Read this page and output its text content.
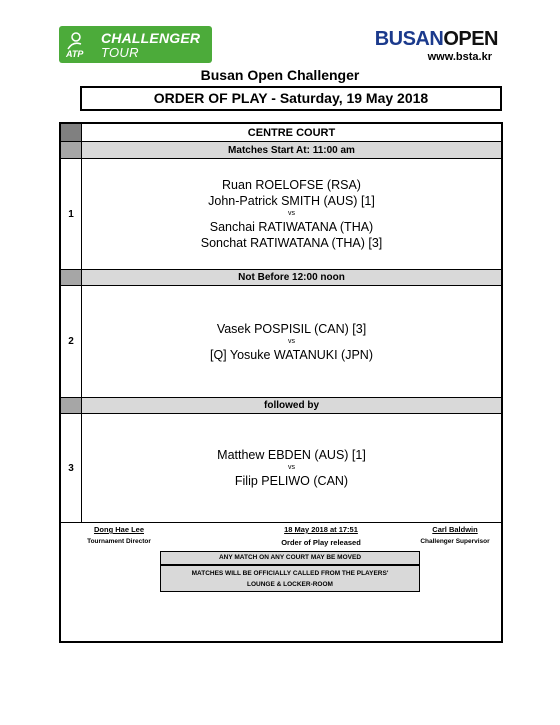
ATP
CHALLENGER
TOUR
BUSANOPEN
www.bsta.kr
Busan Open Challenger
ORDER OF PLAY - Saturday, 19 May 2018
CENTRE COURT
Matches Start At: 11:00 am
1
Ruan ROELOFSE (RSA)
John-Patrick SMITH (AUS) [1]
vs
Sanchai RATIWATANA (THA)
Sonchat RATIWATANA (THA) [3]
Not Before 12:00 noon
2
Vasek POSPISIL (CAN) [3]
vs
[Q] Yosuke WATANUKI (JPN)
followed by
3
Matthew EBDEN (AUS) [1]
vs
Filip PELIWO (CAN)
Dong Hae Lee
Tournament Director
18 May 2018 at 17:51
Order of Play released
Carl Baldwin
Challenger Supervisor
ANY MATCH ON ANY COURT MAY BE MOVED
MATCHES WILL BE OFFICIALLY CALLED FROM THE PLAYERS'
LOUNGE & LOCKER-ROOM
